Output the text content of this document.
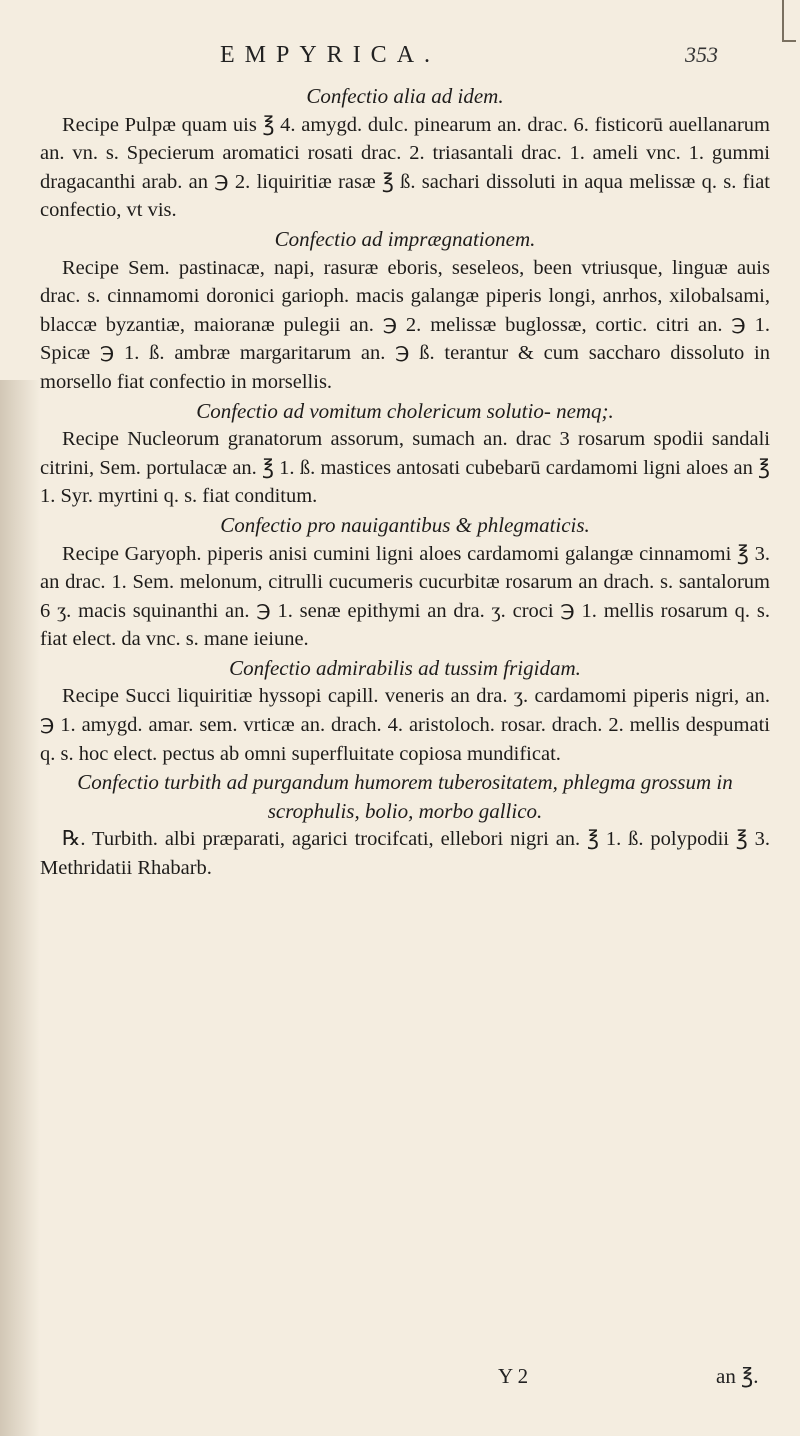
EMPYRICA.	353
Confectio alia ad idem.

Recipe Pulpæ quam uis ℥ 4. amygd. dulc. pinearum an. drac. 6. fisticorū auellanarum an. vn. s. Specierum aromatici rosati drac. 2. triasantali drac. 1. ameli vnc. 1. gummi dragacanthi arab. an ℈ 2. liquiritiæ rasæ ℥ ß. sachari dissoluti in aqua melissæ q. s. fiat confectio, vt vis.

Confectio ad imprægnationem.

Recipe Sem. pastinacæ, napi, rasuræ eboris, seseleos, been vtriusque, linguæ auis drac. s. cinnamomi doronici garioph. macis galangæ piperis longi, anrhos, xilobalsami, blaccæ byzantiæ, maioranæ pulegii an. ℈ 2. melissæ buglossæ, cortic. citri an. ℈ 1. Spicæ ℈ 1. ß. ambræ margaritarum an. ℈ ß. terantur & cum saccharo dissoluto in morsello fiat confectio in morsellis.

Confectio ad vomitum cholericum solutio- nemq;.

Recipe Nucleorum granatorum assorum, sumach an. drac 3 rosarum spodii sandali citrini, Sem. portulacæ an. ℥ 1. ß. mastices antosati cubebarū cardamomi ligni aloes an ℥ 1. Syr. myrtini q. s. fiat conditum.

Confectio pro nauigantibus & phlegmaticis.

Recipe Garyoph. piperis anisi cumini ligni aloes cardamomi galangæ cinnamomi ℥ 3. an drac. 1. Sem. melonum, citrulli cucumeris cucurbitæ rosarum an drach. s. santalorum 6 ʒ. macis squinanthi an. ℈ 1. senæ epithymi an dra. ʒ. croci ℈ 1. mellis rosarum q. s. fiat elect. da vnc. s. mane ieiune.

Confectio admirabilis ad tussim frigidam.

Recipe Succi liquiritiæ hyssopi capill. veneris an dra. ʒ. cardamomi piperis nigri, an. ℈ 1. amygd. amar. sem. vrticæ an. drach. 4. aristoloch. rosar. drach. 2. mellis despumati q. s. hoc elect. pectus ab omni superfluitate copiosa mundificat.

Confectio turbith ad purgandum humorem tuberositatem, phlegma grossum in scrophulis, bolio, morbo gallico.

℞. Turbith. albi præparati, agarici trocifcati, ellebori nigri an. ℥ 1. ß. polypodii ℥ 3. Methridatii Rhabarb.

Y 2	an ℥.
